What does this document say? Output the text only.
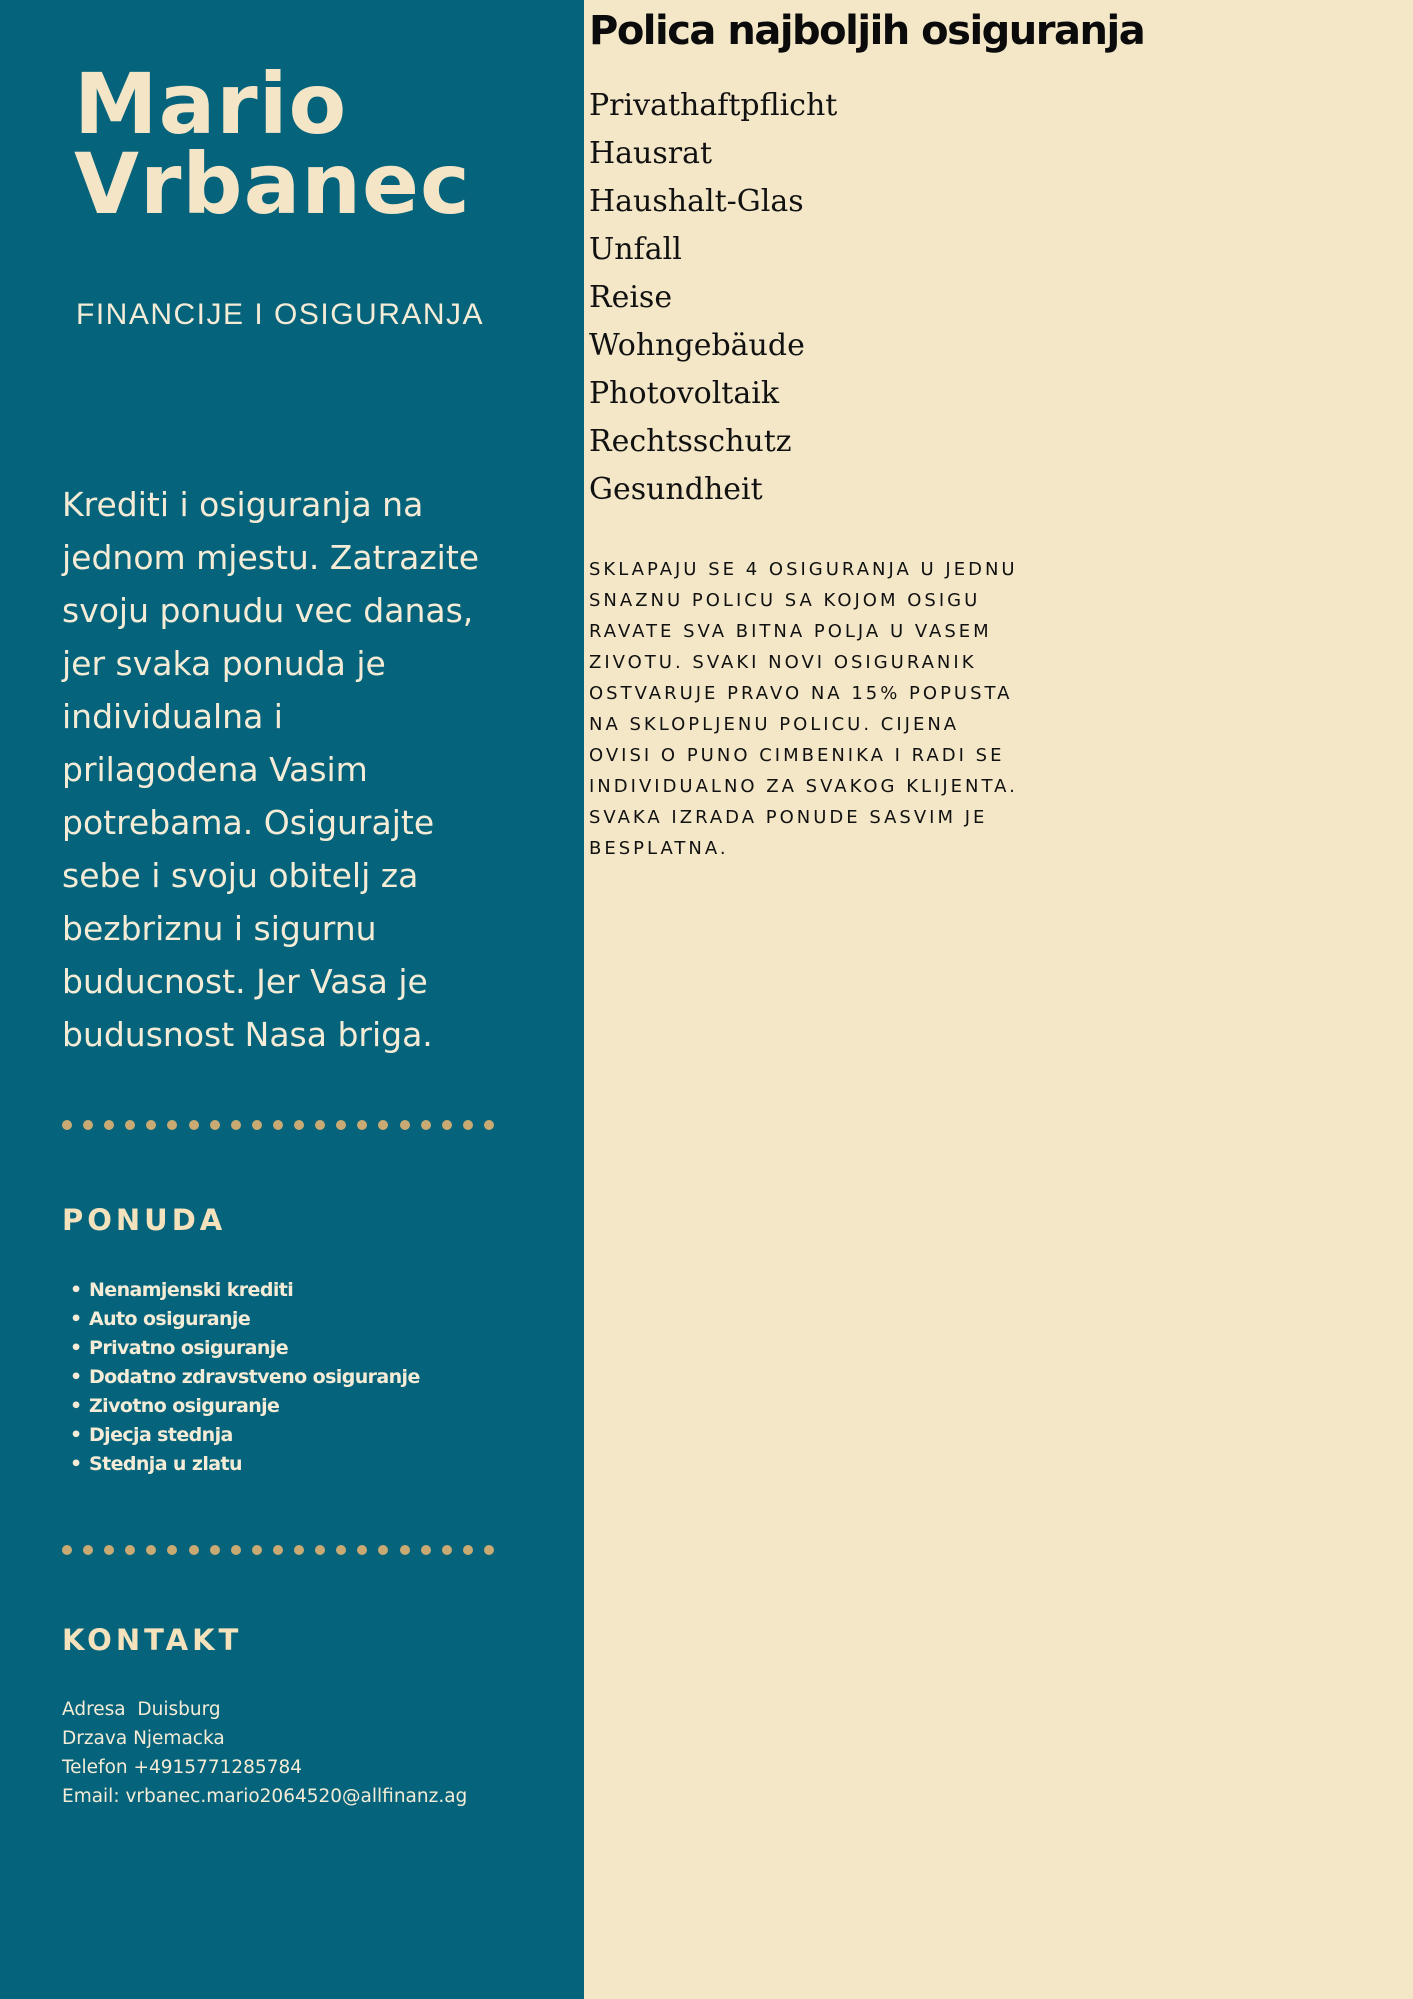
Mario
Vrbanec
FINANCIJE I OSIGURANJA

Krediti i osiguranja na jednom mjestu. Zatrazite svoju ponudu vec danas, jer svaka ponuda je individualna i prilagodena Vasim potrebama. Osigurajte sebe i svoju obitelj za bezbriznu i sigurnu buducnost. Jer Vasa je budusnost Nasa briga.

PONUDA
• Nenamjenski krediti
• Auto osiguranje
• Privatno osiguranje
• Dodatno zdravstveno osiguranje
• Zivotno osiguranje
• Djecja stednja
• Stednja u zlatu
KONTAKT
Adresa  Duisburg
Drzava Njemacka
Telefon +4915771285784
Email: vrbanec.mario2064520@allfinanz.ag
Polica najboljih osiguranja
Privathaftpflicht
Hausrat
Haushalt-Glas
Unfall
Reise
Wohngebäude
Photovoltaik
Rechtsschutz
Gesundheit

SKLAPAJU SE 4 OSIGURANJA U JEDNU
SNAZNU POLICU SA KOJOM OSIGU
RAVATE SVA BITNA POLJA U VASEM
ZIVOTU. SVAKI NOVI OSIGURANIK
OSTVARUJE PRAVO NA 15% POPUSTA
NA SKLOPLJENU POLICU. CIJENA
OVISI O PUNO CIMBENIKA I RADI SE
INDIVIDUALNO ZA SVAKOG KLIJENTA.
SVAKA IZRADA PONUDE SASVIM JE
BESPLATNA.
